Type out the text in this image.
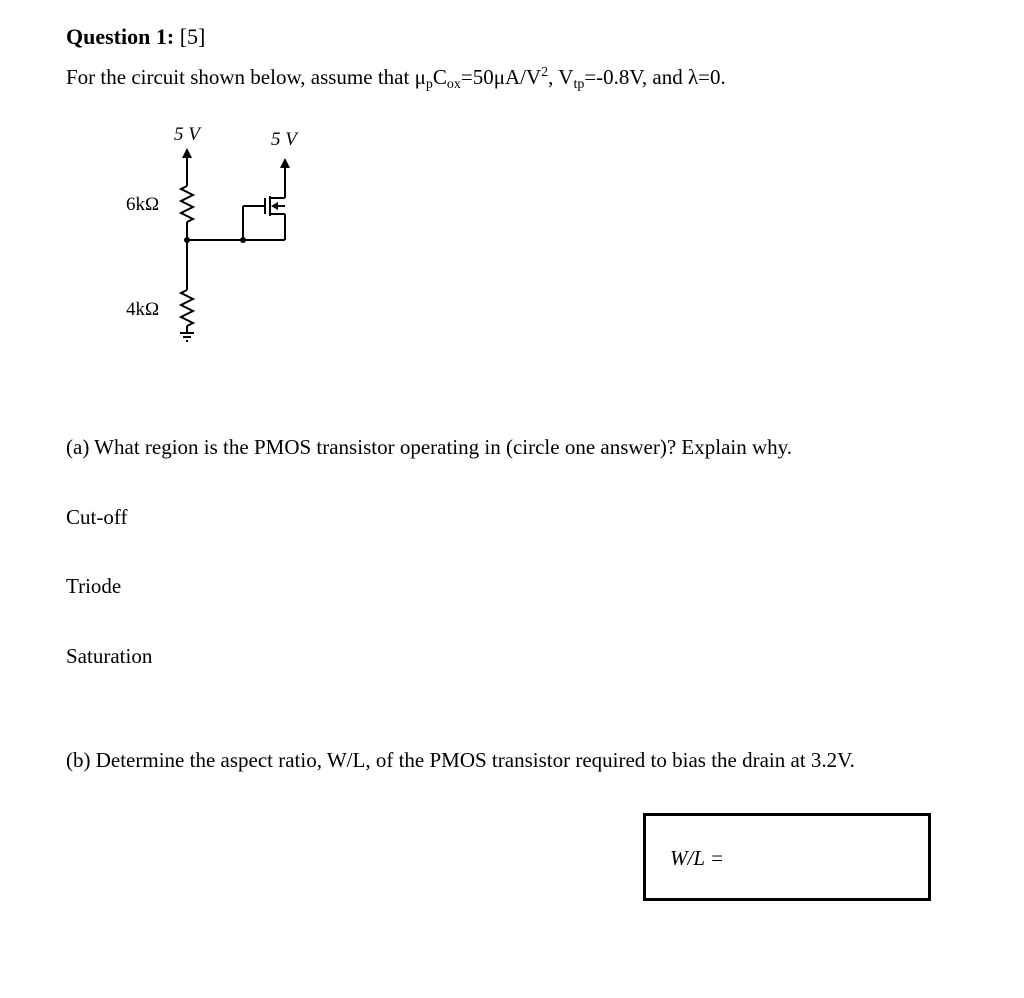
Question 1: [5]
For the circuit shown below, assume that $\mu_pC_{ox}=50\mu A/V^2$, $V_{tp}=-0.8V$, and λ=0.
5 V	5 V
6kΩ
4kΩ
(a) What region is the PMOS transistor operating in (circle one answer)? Explain why.
Cut-off
Triode
Saturation
(b) Determine the aspect ratio, W/L, of the PMOS transistor required to bias the drain at 3.2V.
W/L =
